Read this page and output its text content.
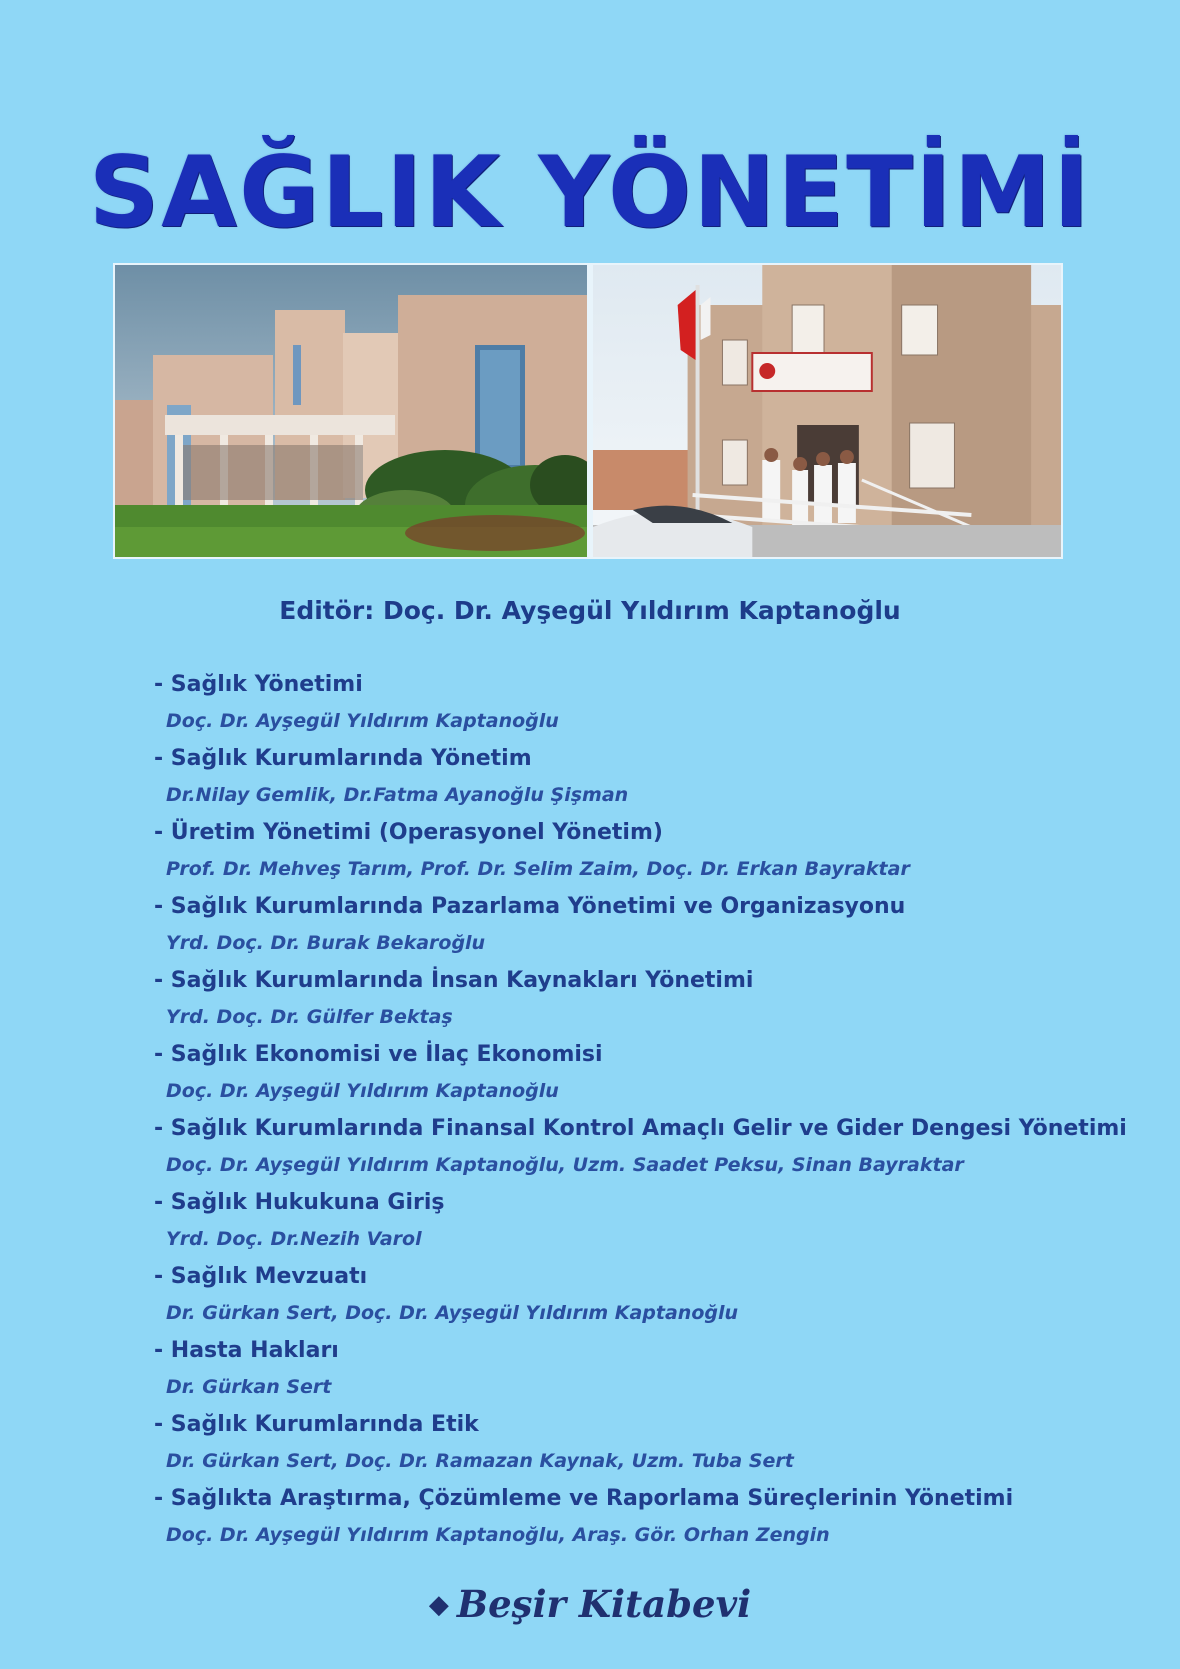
SAĞLIK YÖNETİMİ
Editör: Doç. Dr. Ayşegül Yıldırım Kaptanoğlu
- Sağlık Yönetimi
Doç. Dr. Ayşegül Yıldırım Kaptanoğlu
- Sağlık Kurumlarında Yönetim
Dr.Nilay Gemlik, Dr.Fatma Ayanoğlu Şişman
- Üretim Yönetimi (Operasyonel Yönetim)
Prof. Dr. Mehveş Tarım, Prof. Dr. Selim Zaim, Doç. Dr. Erkan Bayraktar
- Sağlık Kurumlarında Pazarlama Yönetimi ve Organizasyonu
Yrd. Doç. Dr. Burak Bekaroğlu
- Sağlık Kurumlarında İnsan Kaynakları Yönetimi
Yrd. Doç. Dr. Gülfer Bektaş
- Sağlık Ekonomisi ve İlaç Ekonomisi
Doç. Dr. Ayşegül Yıldırım Kaptanoğlu
- Sağlık Kurumlarında Finansal Kontrol Amaçlı Gelir ve Gider Dengesi Yönetimi
Doç. Dr. Ayşegül Yıldırım Kaptanoğlu, Uzm. Saadet Peksu, Sinan Bayraktar
- Sağlık Hukukuna Giriş
Yrd. Doç. Dr.Nezih Varol
- Sağlık Mevzuatı
Dr. Gürkan Sert, Doç. Dr. Ayşegül Yıldırım Kaptanoğlu
- Hasta Hakları
Dr. Gürkan Sert
- Sağlık Kurumlarında Etik
Dr. Gürkan Sert, Doç. Dr. Ramazan Kaynak, Uzm. Tuba Sert
- Sağlıkta Araştırma, Çözümleme ve Raporlama Süreçlerinin Yönetimi
Doç. Dr. Ayşegül Yıldırım Kaptanoğlu, Araş. Gör. Orhan Zengin
◆ Beşir Kitabevi
